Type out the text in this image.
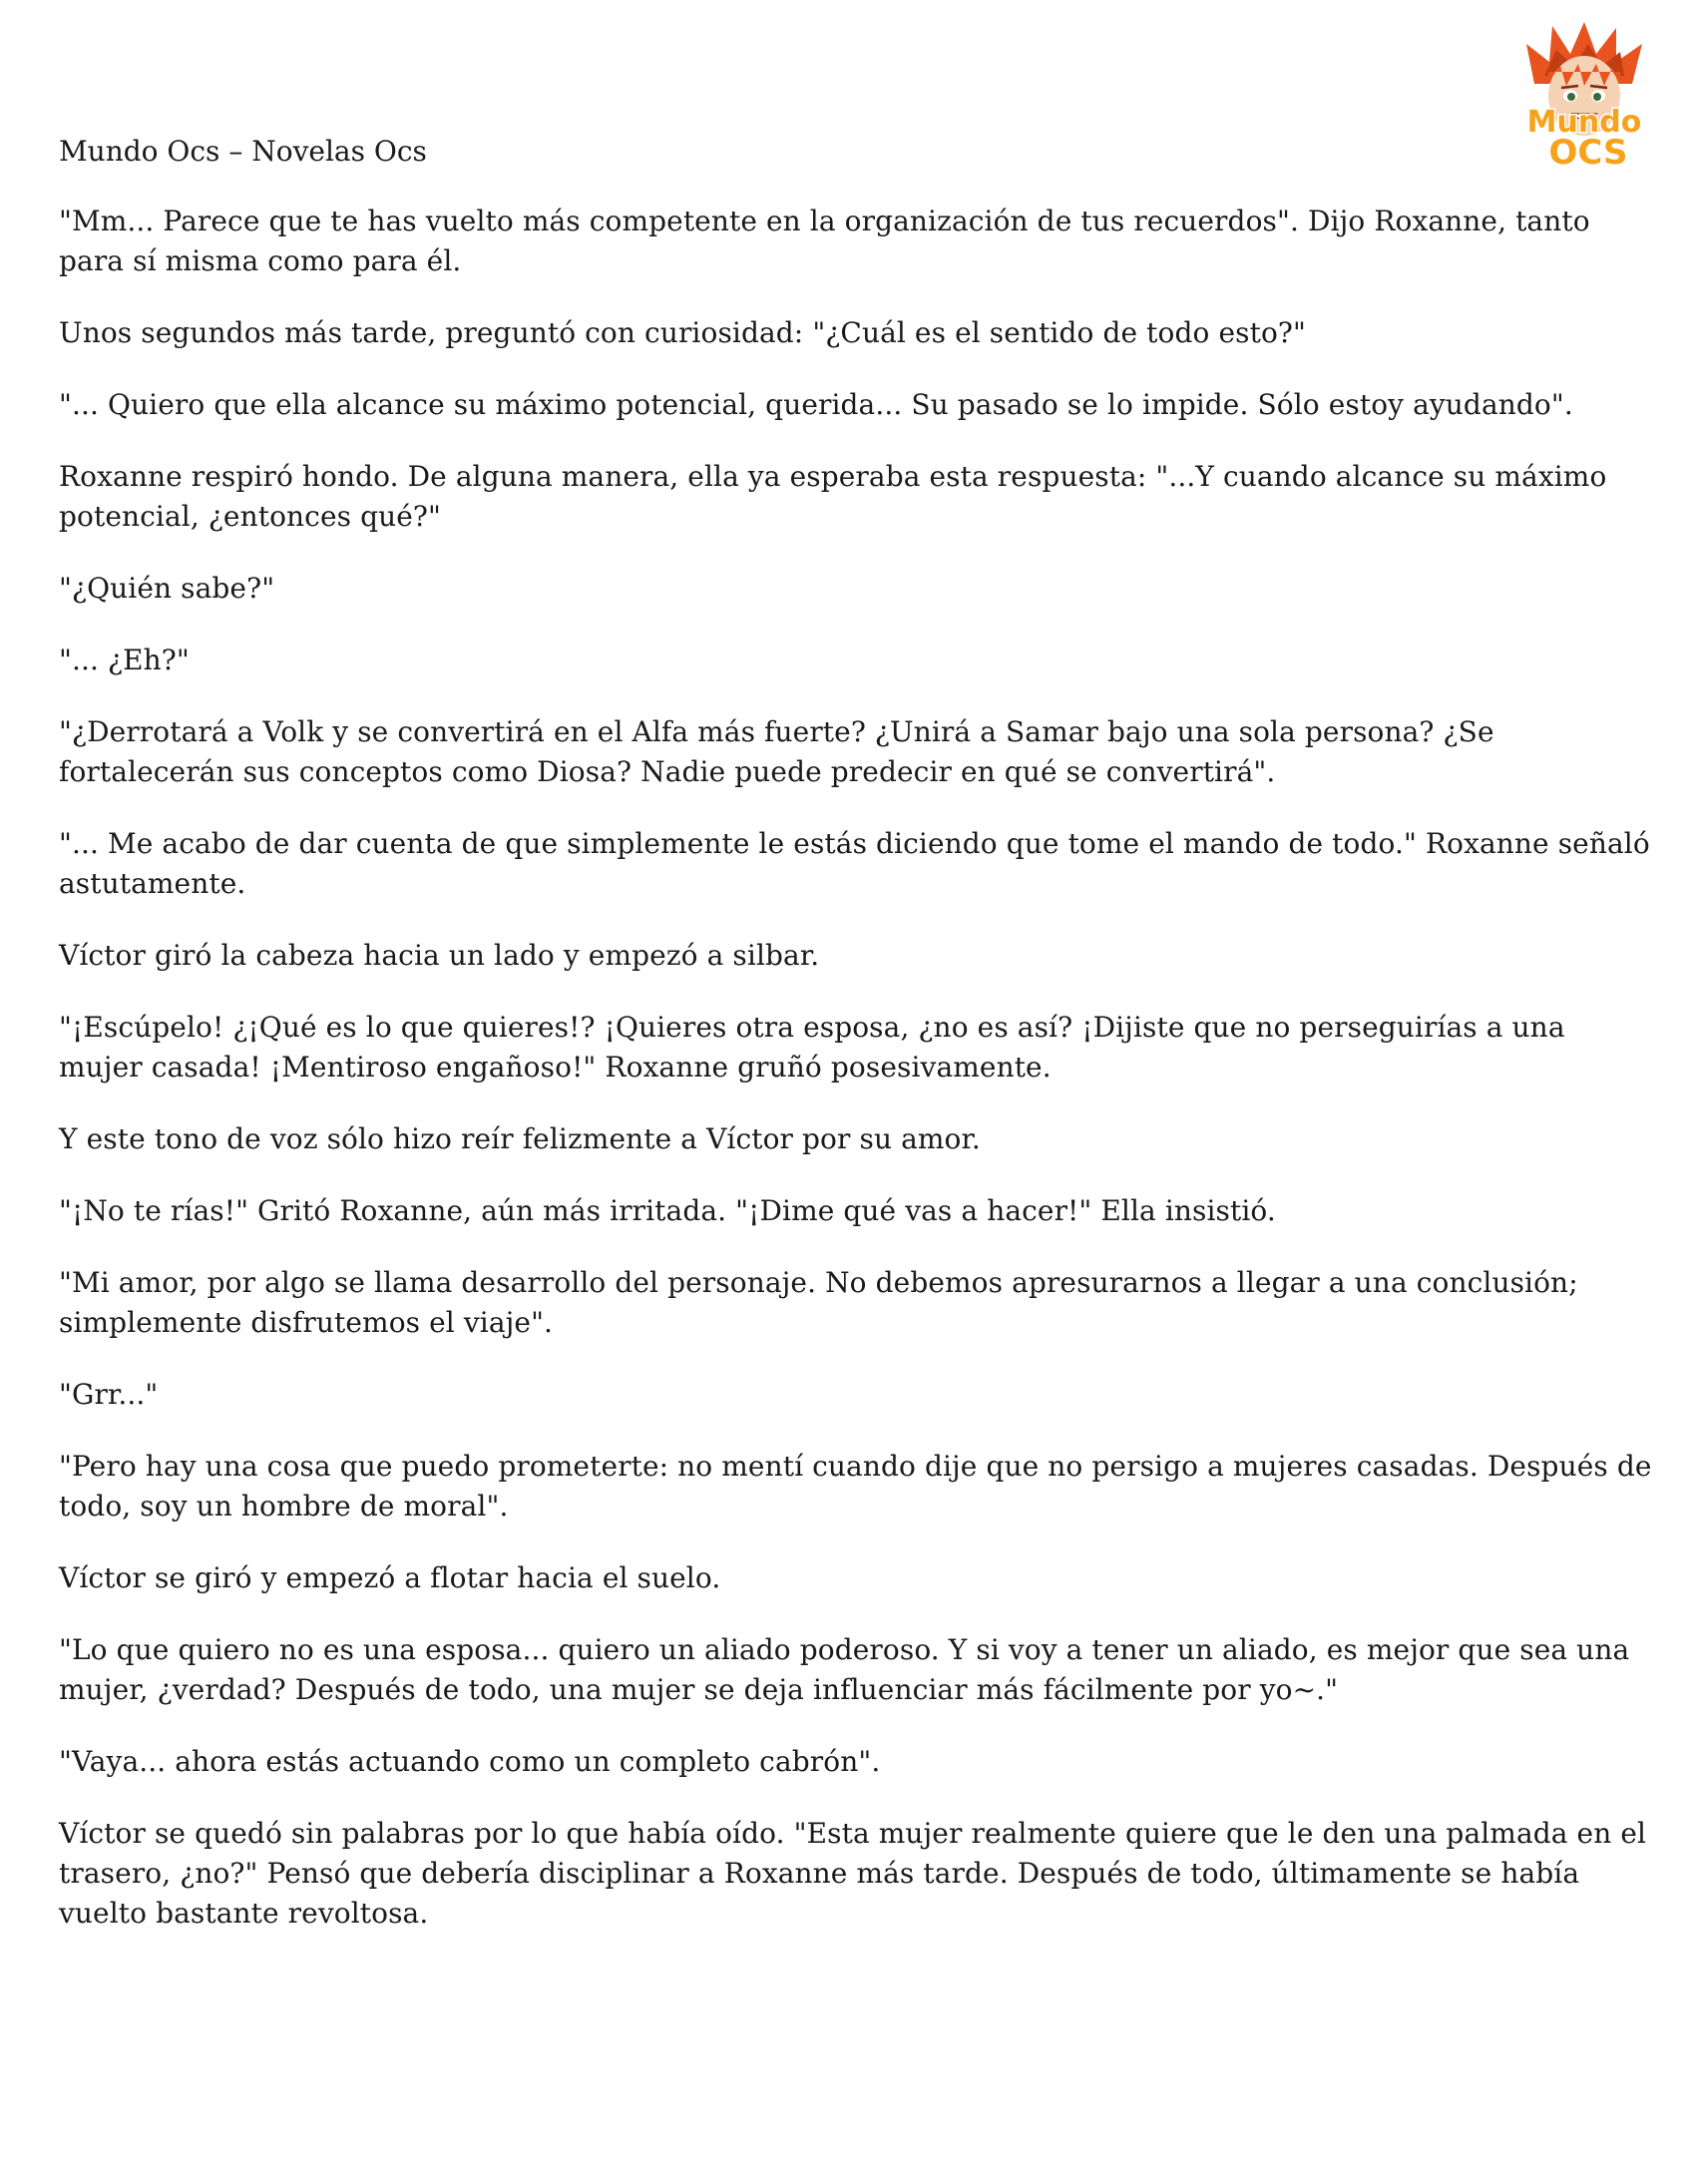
Mundo Ocs – Novelas Ocs
Mundo
OCS

"Mm... Parece que te has vuelto más competente en la organización de tus recuerdos". Dijo Roxanne, tanto para sí misma como para él.

Unos segundos más tarde, preguntó con curiosidad: "¿Cuál es el sentido de todo esto?"

"... Quiero que ella alcance su máximo potencial, querida... Su pasado se lo impide. Sólo estoy ayudando".

Roxanne respiró hondo. De alguna manera, ella ya esperaba esta respuesta: "...Y cuando alcance su máximo potencial, ¿entonces qué?"

"¿Quién sabe?"

"... ¿Eh?"

"¿Derrotará a Volk y se convertirá en el Alfa más fuerte? ¿Unirá a Samar bajo una sola persona? ¿Se fortalecerán sus conceptos como Diosa? Nadie puede predecir en qué se convertirá".

"... Me acabo de dar cuenta de que simplemente le estás diciendo que tome el mando de todo." Roxanne señaló astutamente.

Víctor giró la cabeza hacia un lado y empezó a silbar.

"¡Escúpelo! ¿¡Qué es lo que quieres!? ¡Quieres otra esposa, ¿no es así? ¡Dijiste que no perseguirías a una mujer casada! ¡Mentiroso engañoso!" Roxanne gruñó posesivamente.

Y este tono de voz sólo hizo reír felizmente a Víctor por su amor.

"¡No te rías!" Gritó Roxanne, aún más irritada. "¡Dime qué vas a hacer!" Ella insistió.

"Mi amor, por algo se llama desarrollo del personaje. No debemos apresurarnos a llegar a una conclusión; simplemente disfrutemos el viaje".

"Grr..."

"Pero hay una cosa que puedo prometerte: no mentí cuando dije que no persigo a mujeres casadas. Después de todo, soy un hombre de moral".

Víctor se giró y empezó a flotar hacia el suelo.

"Lo que quiero no es una esposa... quiero un aliado poderoso. Y si voy a tener un aliado, es mejor que sea una mujer, ¿verdad? Después de todo, una mujer se deja influenciar más fácilmente por yo~."

"Vaya... ahora estás actuando como un completo cabrón".

Víctor se quedó sin palabras por lo que había oído. "Esta mujer realmente quiere que le den una palmada en el trasero, ¿no?" Pensó que debería disciplinar a Roxanne más tarde. Después de todo, últimamente se había vuelto bastante revoltosa.
